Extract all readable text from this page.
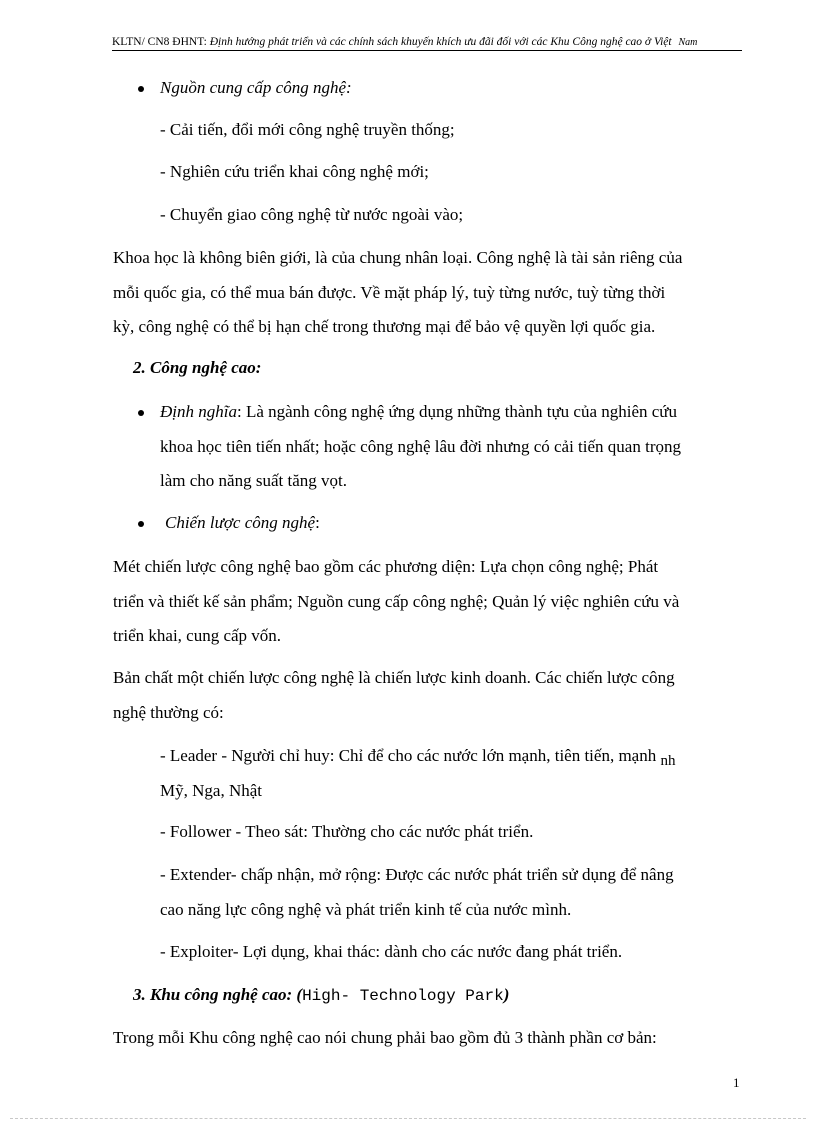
KLTN/ CN8 ĐHNT: Định hướng phát triển và các chính sách khuyến khích ưu đãi đối với các Khu Công nghệ cao ở Việt Nam
Nguồn cung cấp công nghệ:
- Cải tiến, đổi mới công nghệ truyền thống;
- Nghiên cứu triển khai công nghệ mới;
- Chuyển giao công nghệ từ nước ngoài vào;
Khoa học là không biên giới, là của chung nhân loại. Công nghệ là tài sản riêng của
mỗi quốc gia, có thể mua bán được. Về mặt pháp lý, tuỳ từng nước, tuỳ từng thời
kỳ, công nghệ có thể bị hạn chế trong thương mại để bảo vệ quyền lợi quốc gia.
2. Công nghệ cao:
Định nghĩa: Là ngành công nghệ ứng dụng những thành tựu của nghiên cứu
khoa học tiên tiến nhất; hoặc công nghệ lâu đời nhưng có cải tiến quan trọng
làm cho năng suất tăng vọt.
Chiến lược công nghệ:
Mét chiến lược công nghệ bao gồm các phương diện: Lựa chọn công nghệ; Phát
triển và thiết kế sản phẩm; Nguồn cung cấp công nghệ; Quản lý việc nghiên cứu và
triển khai, cung cấp vốn.
Bản chất một chiến lược công nghệ là chiến lược kinh doanh. Các chiến lược công
nghệ thường có:
- Leader - Người chỉ huy: Chỉ để cho các nước lớn mạnh, tiên tiến, mạnh nh
Mỹ, Nga, Nhật
- Follower - Theo sát: Thường cho các nước phát triển.
- Extender- chấp nhận, mở rộng: Được các nước phát triển sử dụng để nâng
cao năng lực công nghệ và phát triển kinh tế của nước mình.
- Exploiter- Lợi dụng, khai thác: dành cho các nước đang phát triển.
3. Khu công nghệ cao: (High- Technology Park)
Trong mỗi Khu công nghệ cao nói chung phải bao gồm đủ 3 thành phần cơ bản:
1
